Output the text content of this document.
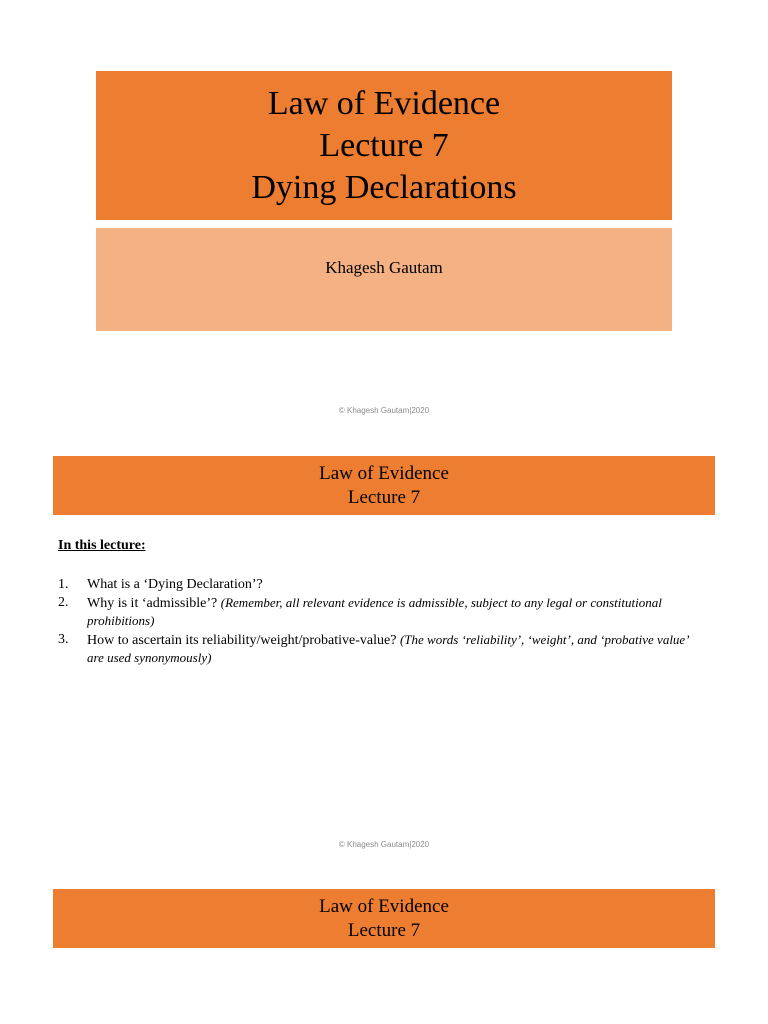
Law of Evidence
Lecture 7
Dying Declarations
Khagesh Gautam
© Khagesh Gautam|2020
Law of Evidence
Lecture 7
In this lecture:
1.	What is a ‘Dying Declaration’?
2.	Why is it ‘admissible’? (Remember, all relevant evidence is admissible, subject to any legal or constitutional prohibitions)
3.	How to ascertain its reliability/weight/probative-value? (The words ‘reliability’, ‘weight’, and ‘probative value’ are used synonymously)
© Khagesh Gautam|2020
Law of Evidence
Lecture 7
